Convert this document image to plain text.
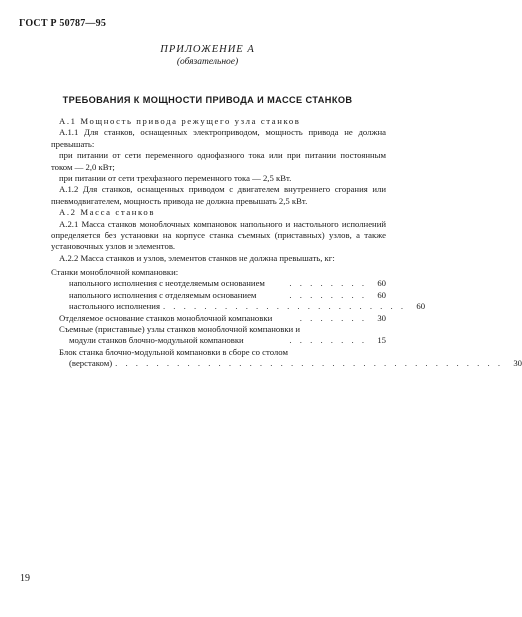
ГОСТ Р 50787—95
ПРИЛОЖЕНИЕ А
(обязательное)
ТРЕБОВАНИЯ К МОЩНОСТИ ПРИВОДА И МАССЕ СТАНКОВ

А.1 Мощность привода режущего узла станков

А.1.1 Для станков, оснащенных электроприводом, мощность привода не должна превышать:

при питании от сети переменного однофазного тока или при питании постоянным током — 2,0 кВт;

при питании от сети трехфазного переменного тока — 2,5 кВт.

А.1.2 Для станков, оснащенных приводом с двигателем внутреннего сгорания или пневмодвигателем, мощность привода не должна превышать 2,5 кВт.

А.2 Масса станков

А.2.1 Масса станков моноблочных компановок напольного и настольного исполнений определяется без установки на корпусе станка съемных (приставных) узлов, а также установочных узлов и элементов.

А.2.2 Масса станков и узлов, элементов станков не должна превышать, кг:

Станки моноблочной компановки:
напольного исполнения с неотделяемым основанием	. . . . . . . .	60
напольного исполнения с отделяемым основанием	. . . . . . . .	60
настольного исполнения . . . . . . . . . . . . . . . . . . . . . . . .	60
Отделяемое основание станков моноблочной компановки	. . . . . . .	30
Съемные (приставные) узлы станков моноблочной компановки и
модули станков блочно-модульной компановки	. . . . . . . .	15
Блок станка блочно-модульной компановки в сборе со столом
(верстаком) . . . . . . . . . . . . . . . . . . . . . . . . . . . . . . . . . . . . . .	30
19
